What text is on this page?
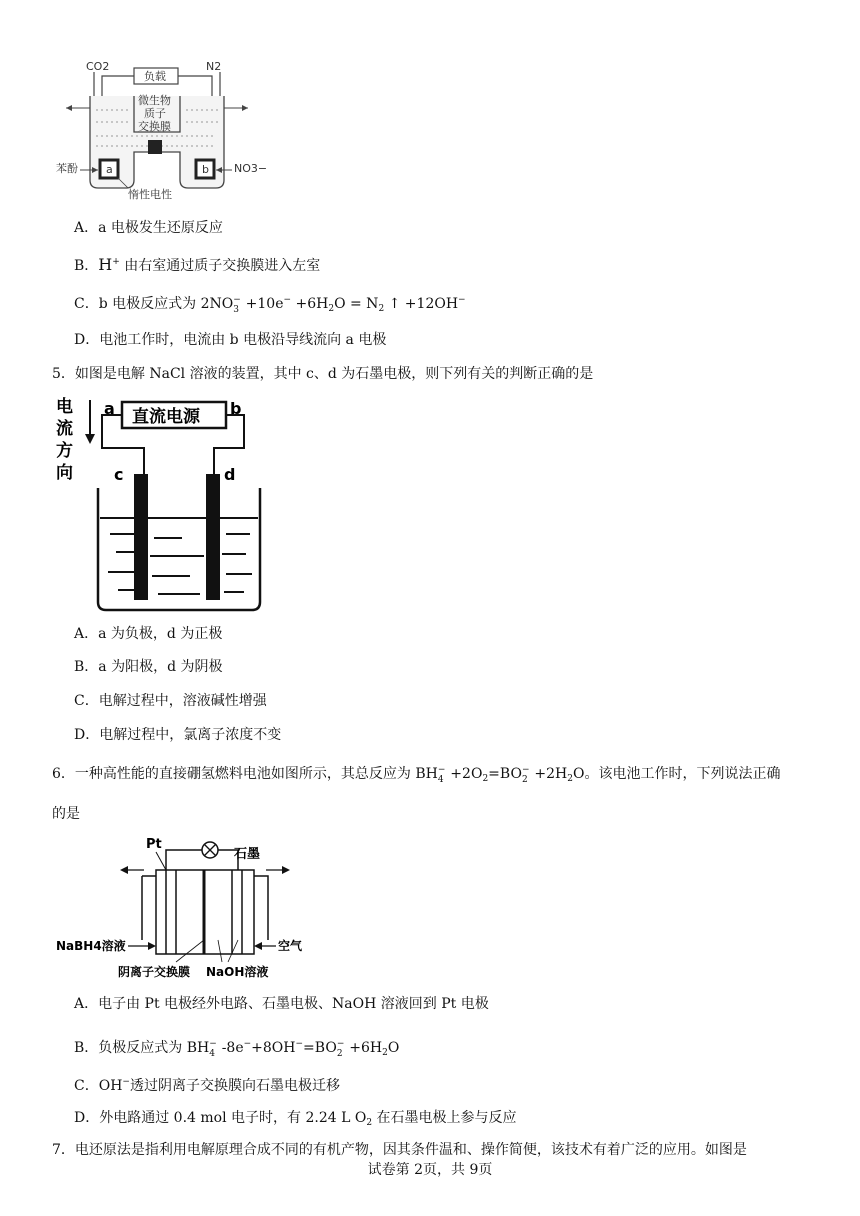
负载
CO2	N2
微生物
质子
交换膜
a	b
苯酚	NO3−
惰性电性
A．a 电极发生还原反应
B．H+ 由右室通过质子交换膜进入左室
C．b 电极反应式为 2NO −
$3 +10e^- +6H_2O = N_2$ ↑ +12OH−
D．电池工作时，电流由 b 电极沿导线流向 a 电极
5．如图是电解 NaCl 溶液的装置，其中 c、d 为石墨电极，则下列有关的判断正确的是
电
流
方
向
直流电源
a	b
c	d
A．a 为负极，d 为正极
B．a 为阳极，d 为阴极
C．电解过程中，溶液碱性增强
D．电解过程中，氯离子浓度不变
6．一种高性能的直接硼氢燃料电池如图所示，其总反应为 BH −
$4 +2O_2=BO$ −
$2 +2H_2O$。该电池工作时，下列说法正确
的是
Pt
石墨
NaBH4溶液	空气
阴离子交换膜 NaOH溶液
A．电子由 Pt 电极经外电路、石墨电极、NaOH 溶液回到 Pt 电极
B．负极反应式为 BH −
4 -8e−+8OH−=BO −
$2 +6H_2O$
C．OH−透过阴离子交换膜向石墨电极迁移
D．外电路通过 0.4 mol 电子时，有 2.24 L $O_2$ 在石墨电极上参与反应
7．电还原法是指利用电解原理合成不同的有机产物，因其条件温和、操作简便，该技术有着广泛的应用。如图是
试卷第 2页，共 9页
